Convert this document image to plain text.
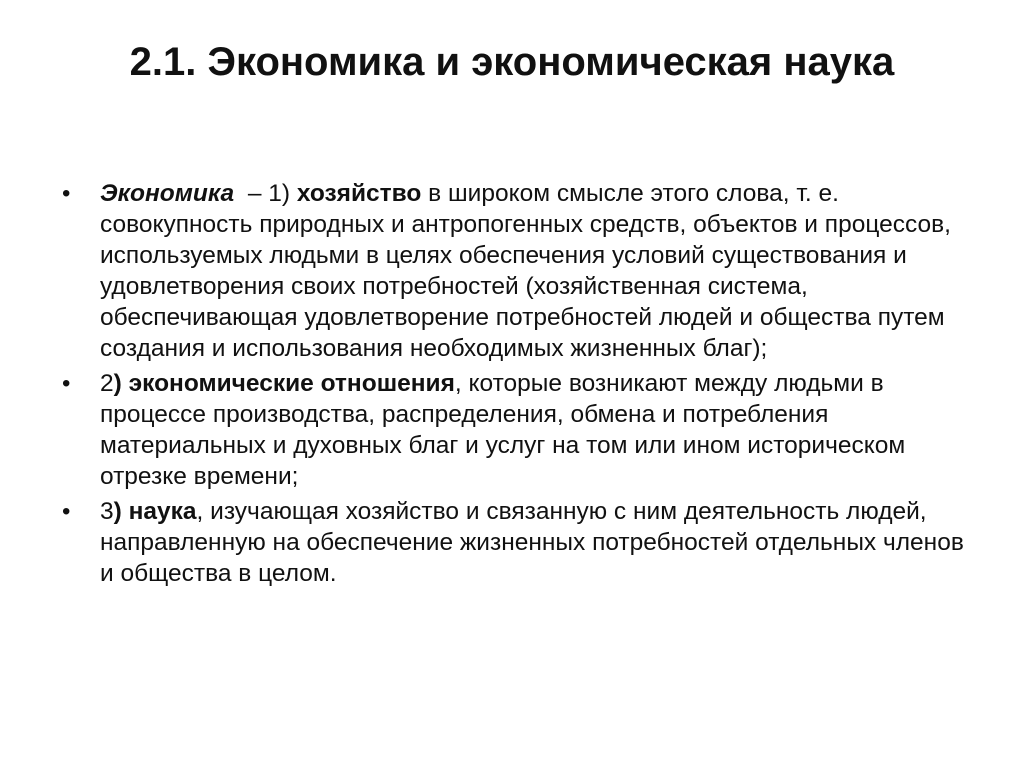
2.1. Экономика и экономическая наука
•	Экономика  – 1) хозяйство в широком смысле этого слова, т. е. совокупность природных и антропогенных средств, объектов и процессов, используемых людьми в целях обеспечения условий существования и удовлетворения своих потребностей (хозяйственная система, обеспечивающая удовлетворение потребностей людей и общества путем создания и использования необходимых жизненных благ);
•	2) экономические отношения, которые возникают между людьми в процессе производства, распределения, обмена и потребления материальных и духовных благ и услуг на том или ином историческом отрезке времени;
•	3) наука, изучающая хозяйство и связанную с ним деятельность людей, направленную на обеспечение жизненных потребностей отдельных членов и общества в целом.
